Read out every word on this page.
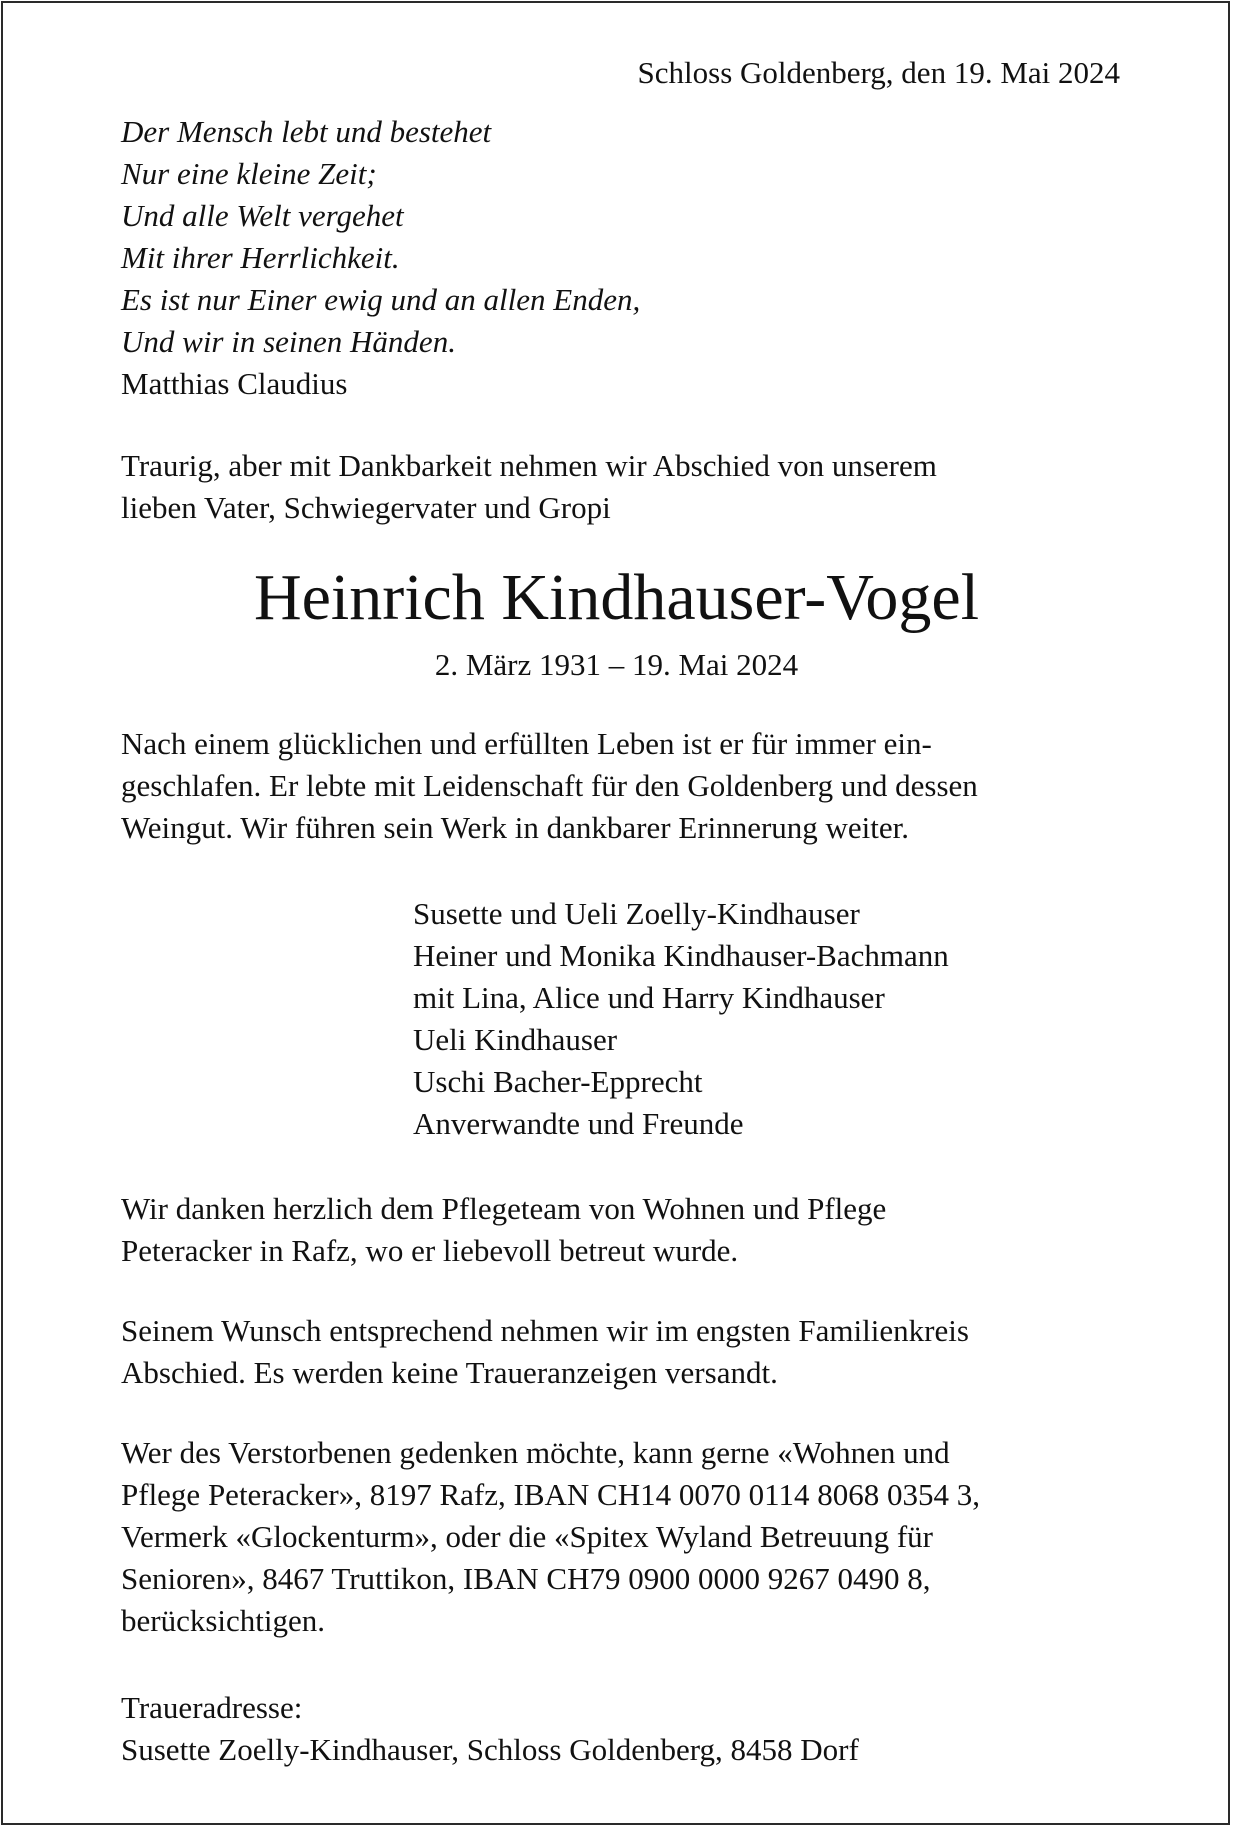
Schloss Goldenberg, den 19. Mai 2024
Der Mensch lebt und bestehet
Nur eine kleine Zeit;
Und alle Welt vergehet
Mit ihrer Herrlichkeit.
Es ist nur Einer ewig und an allen Enden,
Und wir in seinen Händen.
Matthias Claudius
Traurig, aber mit Dankbarkeit nehmen wir Abschied von unserem
lieben Vater, Schwiegervater und Gropi
Heinrich Kindhauser-Vogel
2. März 1931 – 19. Mai 2024
Nach einem glücklichen und erfüllten Leben ist er für immer ein-
geschlafen. Er lebte mit Leidenschaft für den Goldenberg und dessen
Weingut. Wir führen sein Werk in dankbarer Erinnerung weiter.
Susette und Ueli Zoelly-Kindhauser
Heiner und Monika Kindhauser-Bachmann
mit Lina, Alice und Harry Kindhauser
Ueli Kindhauser
Uschi Bacher-Epprecht
Anverwandte und Freunde
Wir danken herzlich dem Pflegeteam von Wohnen und Pflege
Peteracker in Rafz, wo er liebevoll betreut wurde.
Seinem Wunsch entsprechend nehmen wir im engsten Familienkreis
Abschied. Es werden keine Traueranzeigen versandt.
Wer des Verstorbenen gedenken möchte, kann gerne «Wohnen und
Pflege Peteracker», 8197 Rafz, IBAN CH14 0070 0114 8068 0354 3,
Vermerk «Glockenturm», oder die «Spitex Wyland Betreuung für
Senioren», 8467 Truttikon, IBAN CH79 0900 0000 9267 0490 8,
berücksichtigen.
Traueradresse:
Susette Zoelly-Kindhauser, Schloss Goldenberg, 8458 Dorf
